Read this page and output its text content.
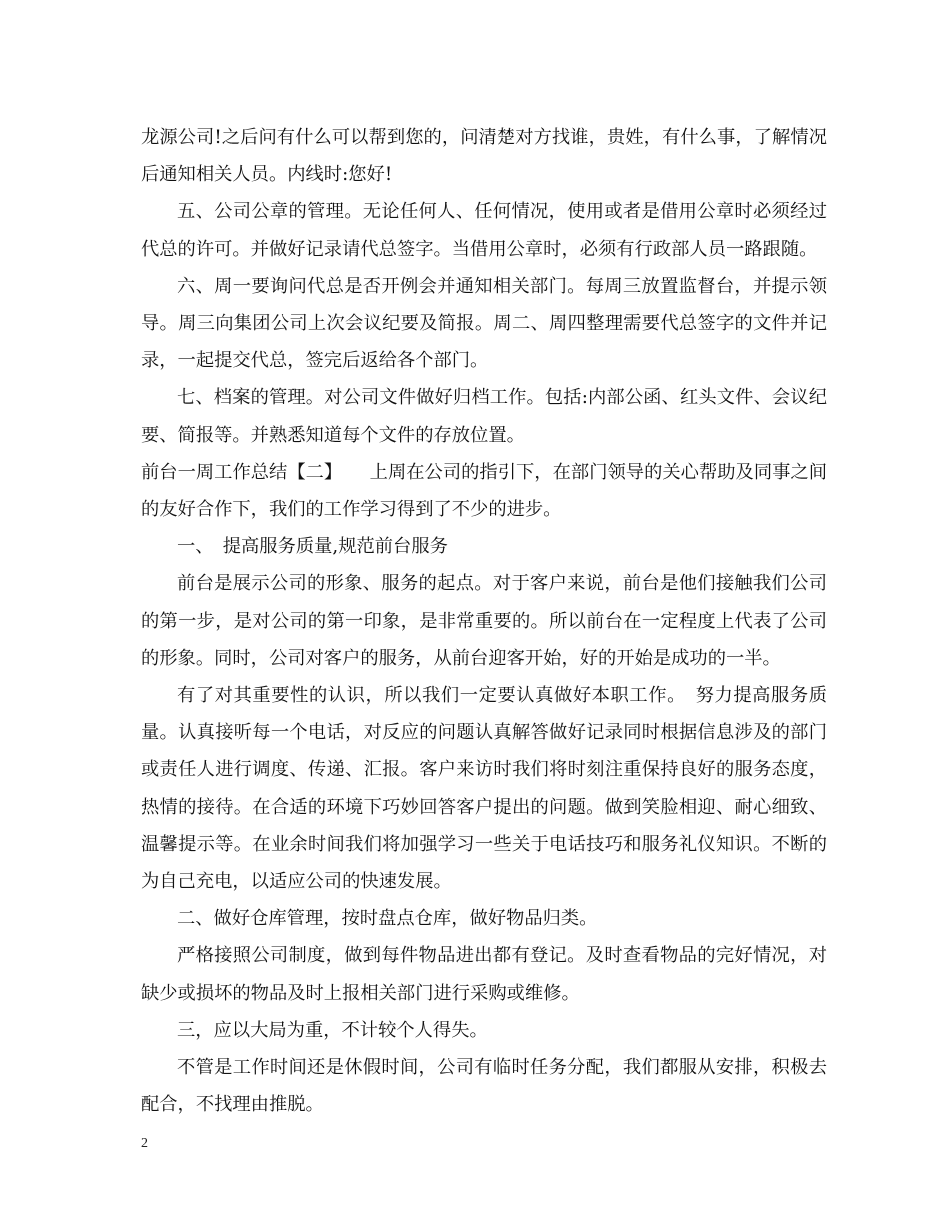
龙源公司!之后问有什么可以帮到您的，问清楚对方找谁，贵姓，有什么事，了解情况后通知相关人员。内线时:您好!

五、公司公章的管理。无论任何人、任何情况，使用或者是借用公章时必须经过代总的许可。并做好记录请代总签字。当借用公章时，必须有行政部人员一路跟随。

六、周一要询问代总是否开例会并通知相关部门。每周三放置监督台，并提示领导。周三向集团公司上次会议纪要及简报。周二、周四整理需要代总签字的文件并记录，一起提交代总，签完后返给各个部门。

七、档案的管理。对公司文件做好归档工作。包括:内部公函、红头文件、会议纪要、简报等。并熟悉知道每个文件的存放位置。

前台一周工作总结【二】　　上周在公司的指引下，在部门领导的关心帮助及同事之间的友好合作下，我们的工作学习得到了不少的进步。

一、　提高服务质量,规范前台服务

前台是展示公司的形象、服务的起点。对于客户来说，前台是他们接触我们公司的第一步，是对公司的第一印象，是非常重要的。所以前台在一定程度上代表了公司的形象。同时，公司对客户的服务，从前台迎客开始，好的开始是成功的一半。

有了对其重要性的认识，所以我们一定要认真做好本职工作。　努力提高服务质量。认真接听每一个电话，对反应的问题认真解答做好记录同时根据信息涉及的部门或责任人进行调度、传递、汇报。客户来访时我们将时刻注重保持良好的服务态度，热情的接待。在合适的环境下巧妙回答客户提出的问题。做到笑脸相迎、耐心细致、温馨提示等。在业余时间我们将加强学习一些关于电话技巧和服务礼仪知识。不断的为自己充电，以适应公司的快速发展。

二、做好仓库管理，按时盘点仓库，做好物品归类。

严格接照公司制度，做到每件物品进出都有登记。及时查看物品的完好情况，对缺少或损坏的物品及时上报相关部门进行采购或维修。

三，应以大局为重，不计较个人得失。

不管是工作时间还是休假时间，公司有临时任务分配，我们都服从安排，积极去配合，不找理由推脱。

2
